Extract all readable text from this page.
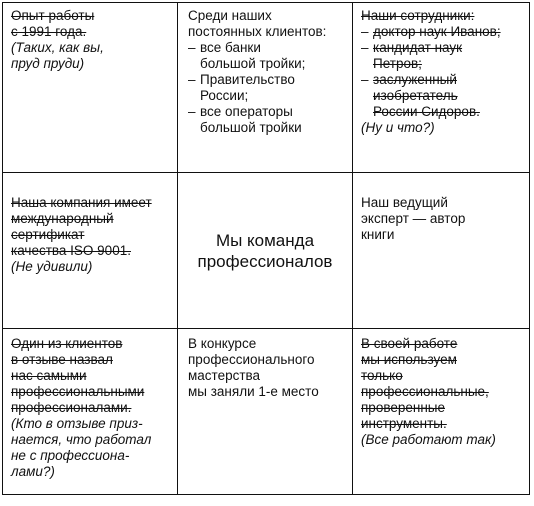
Опыт работы

с 1991 года.

(Таких, как вы,

пруд пруди)

Среди наших

постоянных клиентов:

– все банки
большой тройки;
– Правительство
России;
– все операторы
большой тройки

Наши сотрудники:

– доктор наук Иванов;
– кандидат наук
Петров;
– заслуженный
изобретатель
России Сидоров.

(Ну и что?)

Наша компания имеет

международный

сертификат

качества ISO 9001.

(Не удивили)

Мы команда
профессионалов

Наш ведущий

эксперт — автор

книги

Один из клиентов

в отзыве назвал

нас самыми

профессиональными

профессионалами.

(Кто в отзыве приз-

нается, что работал

не с профессиона-

лами?)

В конкурсе

профессионального

мастерства

мы заняли 1-е место

В своей работе

мы используем

только

профессиональные,

проверенные

инструменты.

(Все работают так)
